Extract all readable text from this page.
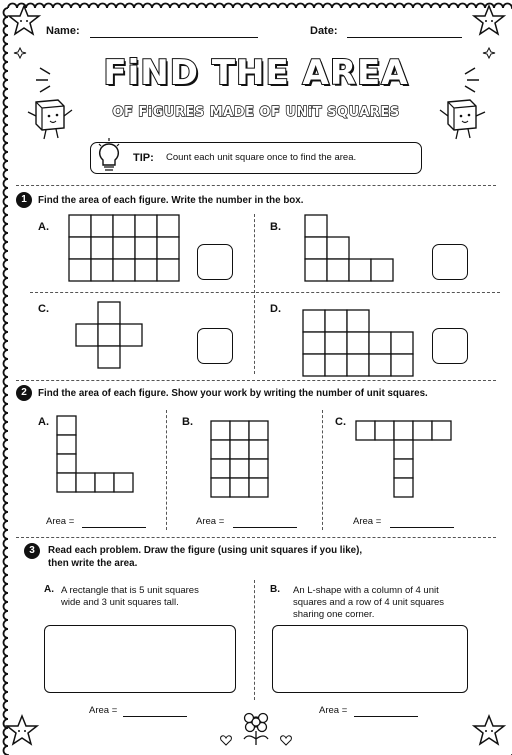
Name:	Date:
FiND THE AREA
OF FiGURES MADE OF UNiT SQUARES
TIP: Count each unit square once to find the area.
1	Find the area of each figure. Write the number in the box.
A.	B.
C.	D.
2	Find the area of each figure. Show your work by writing the number of unit squares.
A.	B.	C.
Area =	Area =	Area =
3	Read each problem. Draw the figure (using unit squares if you like),
then write the area.
A. A rectangle that is 5 unit squares
wide and 3 unit squares tall.
B. An L-shape with a column of 4 unit
squares and a row of 4 unit squares
sharing one corner.
Area =	Area =
